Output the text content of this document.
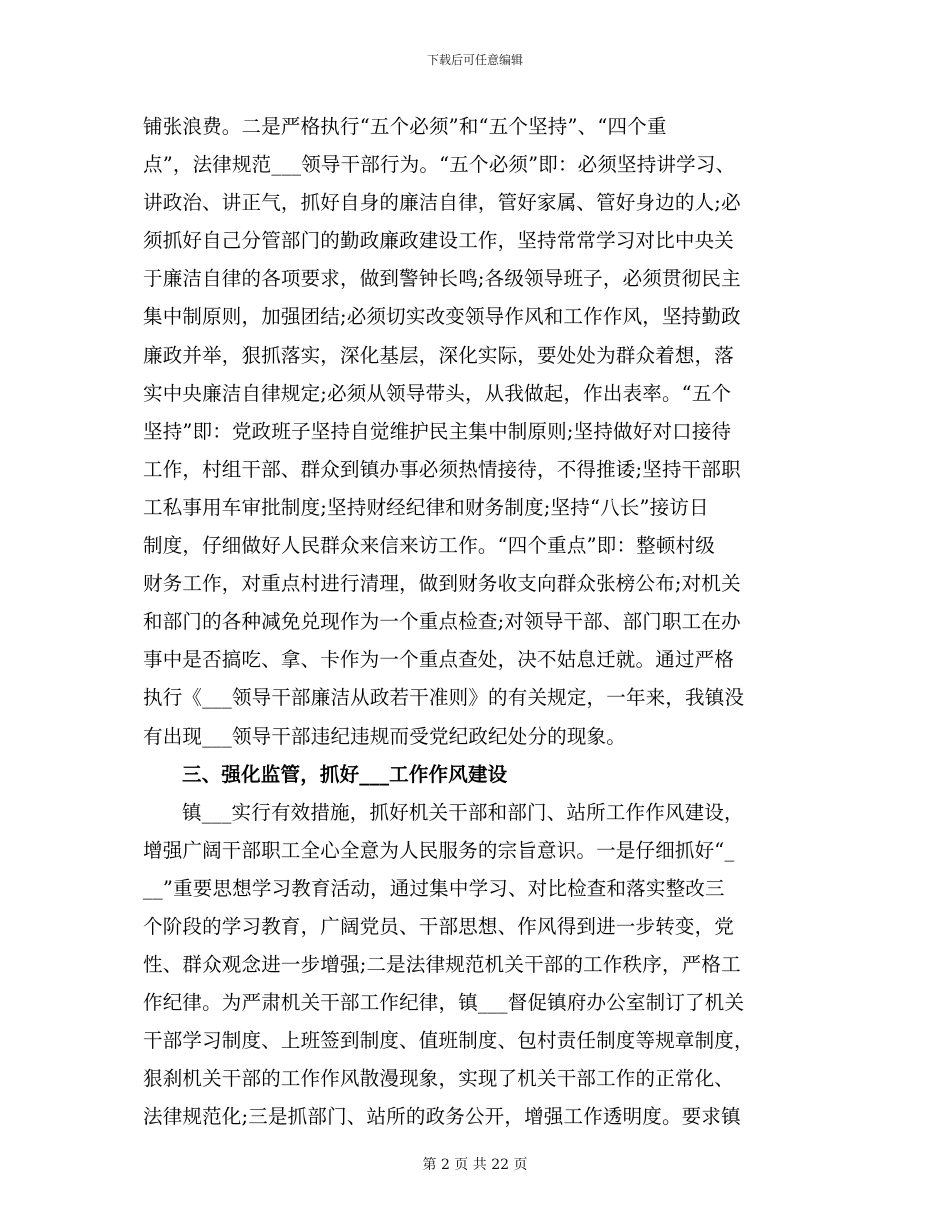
下载后可任意编辑
铺张浪费。二是严格执行“五个必须”和“五个坚持”、“四个重
点”，法律规范___领导干部行为。“五个必须”即：必须坚持讲学习、
讲政治、讲正气，抓好自身的廉洁自律，管好家属、管好身边的人;必
须抓好自己分管部门的勤政廉政建设工作，坚持常常学习对比中央关
于廉洁自律的各项要求，做到警钟长鸣;各级领导班子，必须贯彻民主
集中制原则，加强团结;必须切实改变领导作风和工作作风，坚持勤政
廉政并举，狠抓落实，深化基层，深化实际，要处处为群众着想，落
实中央廉洁自律规定;必须从领导带头，从我做起，作出表率。“五个
坚持”即：党政班子坚持自觉维护民主集中制原则;坚持做好对口接待
工作，村组干部、群众到镇办事必须热情接待，不得推诿;坚持干部职
工私事用车审批制度;坚持财经纪律和财务制度;坚持“八长”接访日
制度，仔细做好人民群众来信来访工作。“四个重点”即：整顿村级
财务工作，对重点村进行清理，做到财务收支向群众张榜公布;对机关
和部门的各种减免兑现作为一个重点检查;对领导干部、部门职工在办
事中是否搞吃、拿、卡作为一个重点查处，决不姑息迁就。通过严格
执行《___领导干部廉洁从政若干准则》的有关规定，一年来，我镇没
有出现___领导干部违纪违规而受党纪政纪处分的现象。
三、强化监管，抓好___工作作风建设
镇___实行有效措施，抓好机关干部和部门、站所工作作风建设，
增强广阔干部职工全心全意为人民服务的宗旨意识。一是仔细抓好“_
__”重要思想学习教育活动，通过集中学习、对比检查和落实整改三
个阶段的学习教育，广阔党员、干部思想、作风得到进一步转变，党
性、群众观念进一步增强;二是法律规范机关干部的工作秩序，严格工
作纪律。为严肃机关干部工作纪律，镇___督促镇府办公室制订了机关
干部学习制度、上班签到制度、值班制度、包村责任制度等规章制度，
狠刹机关干部的工作作风散漫现象，实现了机关干部工作的正常化、
法律规范化;三是抓部门、站所的政务公开，增强工作透明度。要求镇
第 2 页 共 22 页
